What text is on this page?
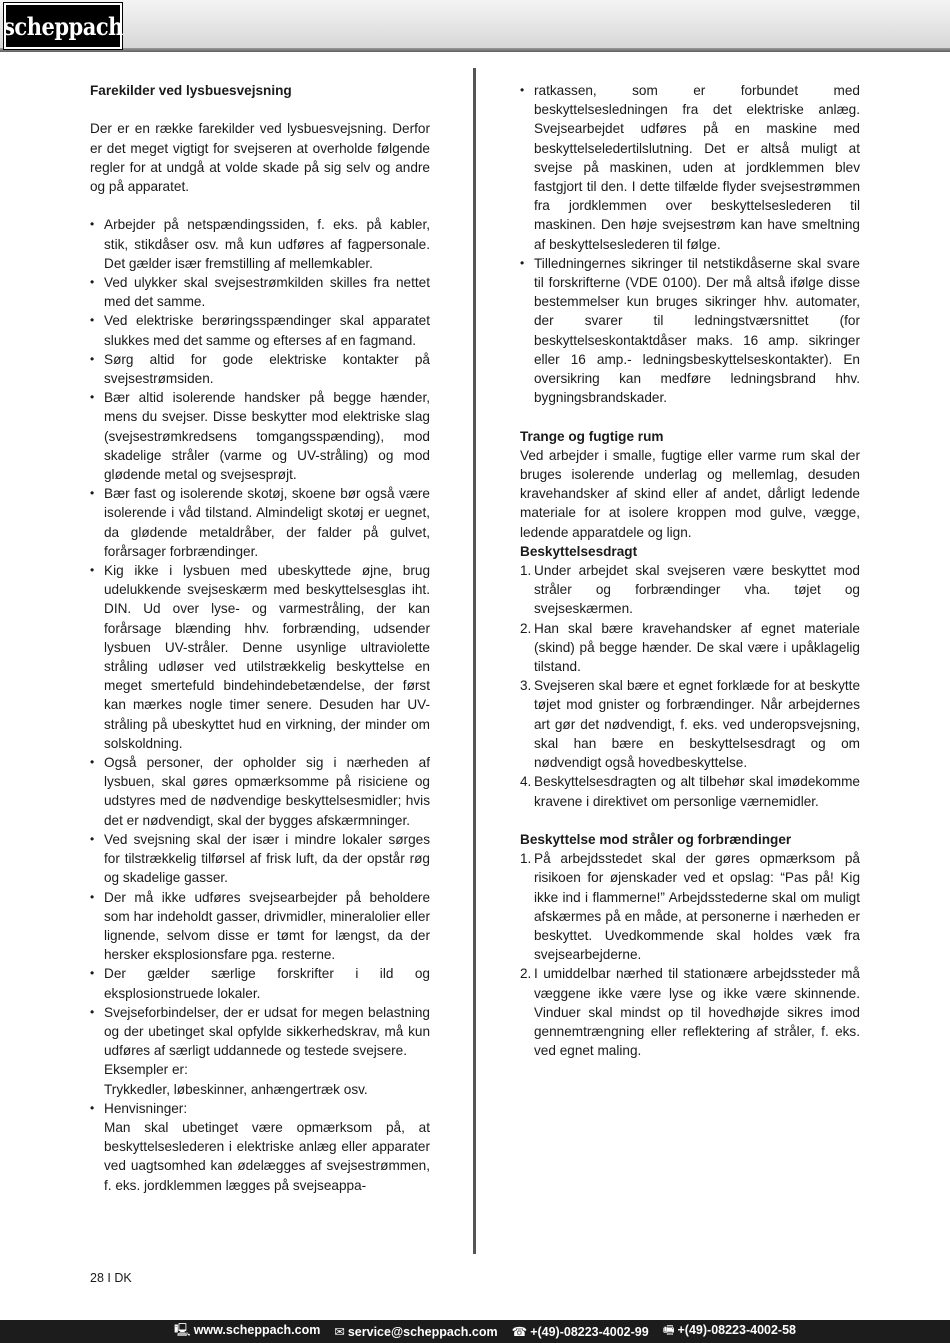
scheppach
Farekilder ved lysbuesvejsning
Der er en række farekilder ved lysbuesvejsning. Derfor er det meget vigtigt for svejseren at overholde følgende regler for at undgå at volde skade på sig selv og andre og på apparatet.
• Arbejder på netspændingssiden, f. eks. på kabler, stik, stikdåser osv. må kun udføres af fagpersonale. Det gælder især fremstilling af mellemkabler.
• Ved ulykker skal svejsestrømkilden skilles fra nettet med det samme.
• Ved elektriske berøringsspændinger skal apparatet slukkes med det samme og efterses af en fagmand.
• Sørg altid for gode elektriske kontakter på svejsestrømsiden.
• Bær altid isolerende handsker på begge hænder, mens du svejser. Disse beskytter mod elektriske slag (svejsestrømkredsens tomgangsspænding), mod skadelige stråler (varme og UV-stråling) og mod glødende metal og svejsesprøjt.
• Bær fast og isolerende skotøj, skoene bør også være isolerende i våd tilstand. Almindeligt skotøj er uegnet, da glødende metaldråber, der falder på gulvet, forårsager forbrændinger.
• Kig ikke i lysbuen med ubeskyttede øjne, brug udelukkende svejseskærm med beskyttelsesglas iht. DIN. Ud over lyse- og varmestråling, der kan forårsage blænding hhv. forbrænding, udsender lysbuen UV-stråler. Denne usynlige ultraviolette stråling udløser ved utilstrækkelig beskyttelse en meget smertefuld bindehindebetændelse, der først kan mærkes nogle timer senere. Desuden har UV-stråling på ubeskyttet hud en virkning, der minder om solskoldning.
• Også personer, der opholder sig i nærheden af lysbuen, skal gøres opmærksomme på risiciene og udstyres med de nødvendige beskyttelsesmidler; hvis det er nødvendigt, skal der bygges afskærmninger.
• Ved svejsning skal der især i mindre lokaler sørges for tilstrækkelig tilførsel af frisk luft, da der opstår røg og skadelige gasser.
• Der må ikke udføres svejsearbejder på beholdere som har indeholdt gasser, drivmidler, mineralolier eller lignende, selvom disse er tømt for længst, da der hersker eksplosionsfare pga. resterne.
• Der gælder særlige forskrifter i ild og eksplosionstruede lokaler.
• Svejseforbindelser, der er udsat for megen belastning og der ubetinget skal opfylde sikkerhedskrav, må kun udføres af særligt uddannede og testede svejsere.
Eksempler er:
Trykkedler, løbeskinner, anhængertræk osv.
• Henvisninger:
Man skal ubetinget være opmærksom på, at beskyttelseslederen i elektriske anlæg eller apparater ved uagtsomhed kan ødelægges af svejsestrømmen, f. eks. jordklemmen lægges på svejseappa-
• ratkassen, som er forbundet med beskyttelsesledningen fra det elektriske anlæg. Svejsearbejdet udføres på en maskine med beskyttelseledertilslutning. Det er altså muligt at svejse på maskinen, uden at jordklemmen blev fastgjort til den. I dette tilfælde flyder svejsestrømmen fra jordklemmen over beskyttelseslederen til maskinen. Den høje svejsestrøm kan have smeltning af beskyttelseslederen til følge.
• Tilledningernes sikringer til netstikdåserne skal svare til forskrifterne (VDE 0100). Der må altså ifølge disse bestemmelser kun bruges sikringer hhv. automater, der svarer til ledningstværsnittet (for beskyttelseskontaktdåser maks. 16 amp. sikringer eller 16 amp.- ledningsbeskyttelseskontakter). En oversikring kan medføre ledningsbrand hhv. bygningsbrandskader.
Trange og fugtige rum
Ved arbejder i smalle, fugtige eller varme rum skal der bruges isolerende underlag og mellemlag, desuden kravehandsker af skind eller af andet, dårligt ledende materiale for at isolere kroppen mod gulve, vægge, ledende apparatdele og lign.
Beskyttelsesdragt
1. Under arbejdet skal svejseren være beskyttet mod stråler og forbrændinger vha. tøjet og svejseskærmen.
2. Han skal bære kravehandsker af egnet materiale (skind) på begge hænder. De skal være i upåklagelig tilstand.
3. Svejseren skal bære et egnet forklæde for at beskytte tøjet mod gnister og forbrændinger. Når arbejdernes art gør det nødvendigt, f. eks. ved underopsvejsning, skal han bære en beskyttelsesdragt og om nødvendigt også hovedbeskyttelse.
4. Beskyttelsesdragten og alt tilbehør skal imødekomme kravene i direktivet om personlige værnemidler.
Beskyttelse mod stråler og forbrændinger
1. På arbejdsstedet skal der gøres opmærksom på risikoen for øjenskader ved et opslag: “Pas på! Kig ikke ind i flammerne!” Arbejdsstederne skal om muligt afskærmes på en måde, at personerne i nærheden er beskyttet. Uvedkommende skal holdes væk fra svejsearbejderne.
2. I umiddelbar nærhed til stationære arbejdssteder må væggene ikke være lyse og ikke være skinnende. Vinduer skal mindst op til hovedhøjde sikres imod gennemtrængning eller reflektering af stråler, f. eks. ved egnet maling.
28 I DK
🖳 www.scheppach.com ✉ service@scheppach.com ☎ +(49)-08223-4002-99 🖷 +(49)-08223-4002-58
